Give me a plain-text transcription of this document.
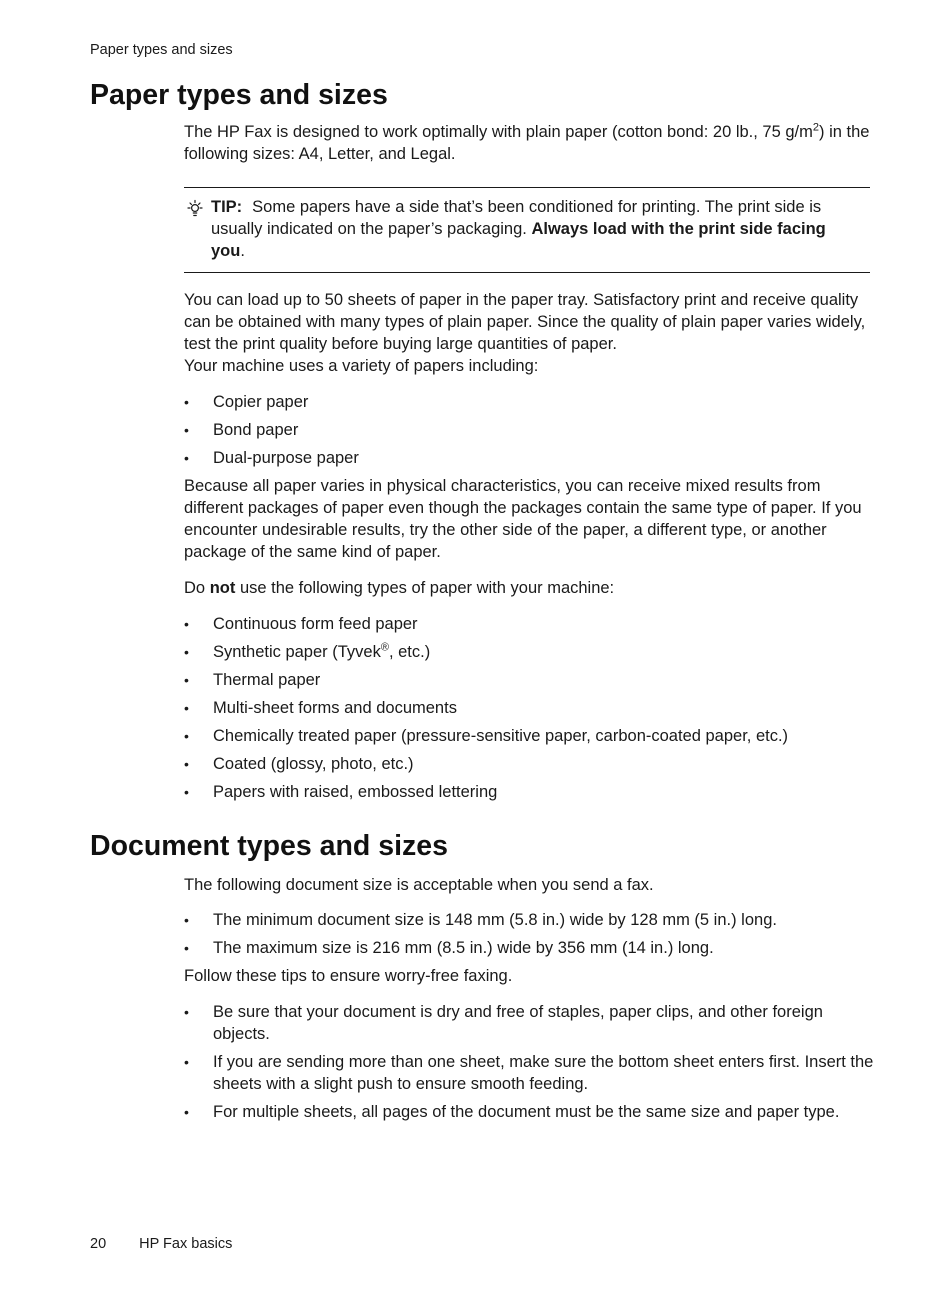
Paper types and sizes
Paper types and sizes

The HP Fax is designed to work optimally with plain paper (cotton bond: 20 lb., 75 $g/m^2$) in the following sizes: A4, Letter, and Legal.

TIP: Some papers have a side that’s been conditioned for printing. The print side is usually indicated on the paper’s packaging. Always load with the print side facing you.

You can load up to 50 sheets of paper in the paper tray. Satisfactory print and receive quality can be obtained with many types of plain paper. Since the quality of plain paper varies widely, test the print quality before buying large quantities of paper.

Your machine uses a variety of papers including:

• Copier paper
• Bond paper
• Dual-purpose paper

Because all paper varies in physical characteristics, you can receive mixed results from different packages of paper even though the packages contain the same type of paper. If you encounter undesirable results, try the other side of the paper, a different type, or another package of the same kind of paper.

Do not use the following types of paper with your machine:

• Continuous form feed paper
• Synthetic paper (Tyvek®, etc.)
• Thermal paper
• Multi-sheet forms and documents
• Chemically treated paper (pressure-sensitive paper, carbon-coated paper, etc.)
• Coated (glossy, photo, etc.)
• Papers with raised, embossed lettering
Document types and sizes

The following document size is acceptable when you send a fax.

• The minimum document size is 148 mm (5.8 in.) wide by 128 mm (5 in.) long.
• The maximum size is 216 mm (8.5 in.) wide by 356 mm (14 in.) long.

Follow these tips to ensure worry-free faxing.

• Be sure that your document is dry and free of staples, paper clips, and other foreign objects.
• If you are sending more than one sheet, make sure the bottom sheet enters first. Insert the sheets with a slight push to ensure smooth feeding.
• For multiple sheets, all pages of the document must be the same size and paper type.
20 HP Fax basics
